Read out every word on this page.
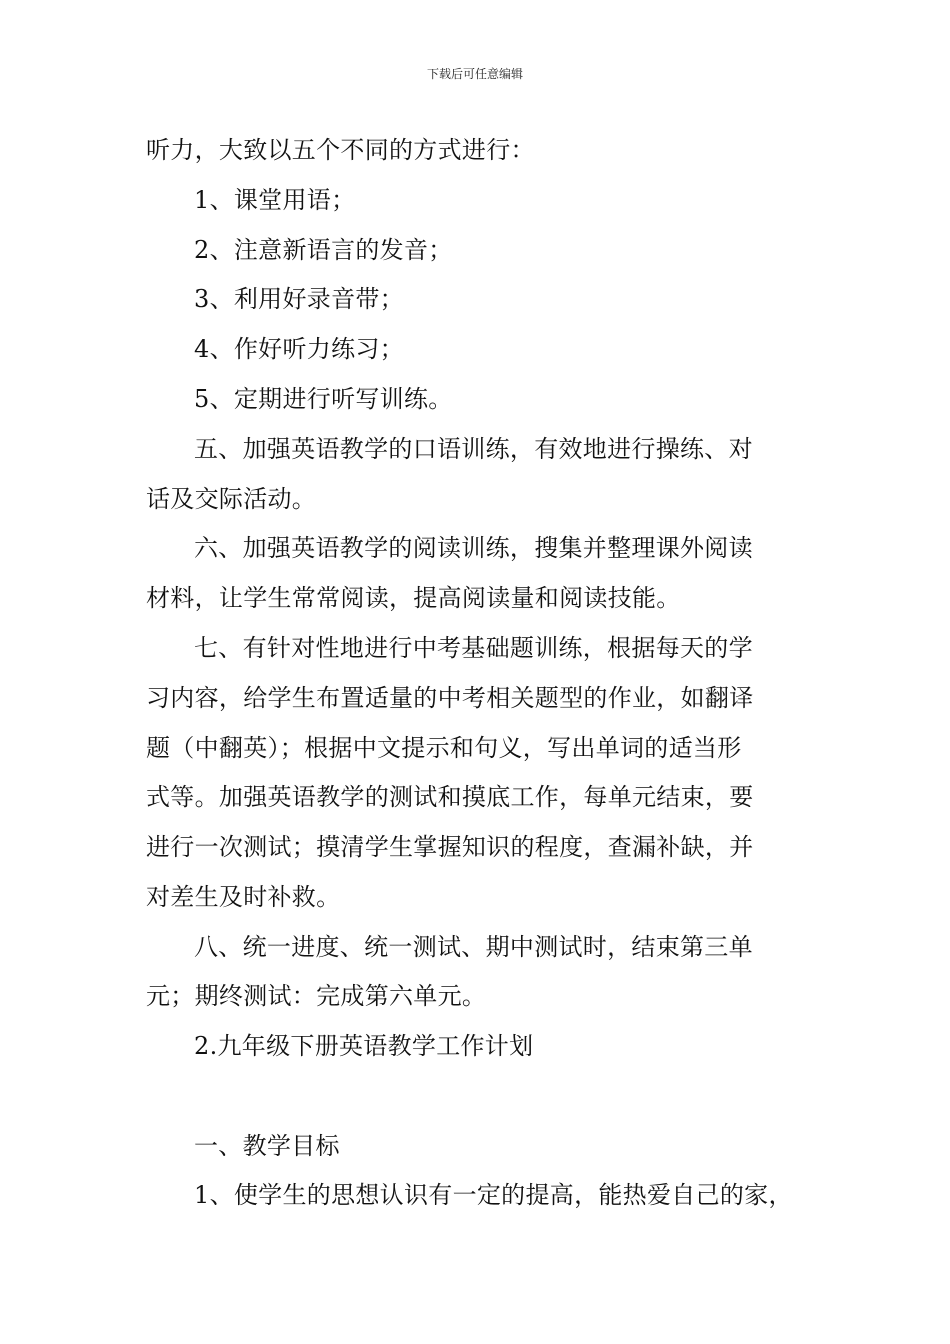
下载后可任意编辑
听力，大致以五个不同的方式进行：
1、课堂用语；
2、注意新语言的发音；
3、利用好录音带；
4、作好听力练习；
5、定期进行听写训练。
五、加强英语教学的口语训练，有效地进行操练、对
话及交际活动。
六、加强英语教学的阅读训练，搜集并整理课外阅读
材料，让学生常常阅读，提高阅读量和阅读技能。
七、有针对性地进行中考基础题训练，根据每天的学
习内容，给学生布置适量的中考相关题型的作业，如翻译
题（中翻英）；根据中文提示和句义，写出单词的适当形
式等。加强英语教学的测试和摸底工作，每单元结束，要
进行一次测试；摸清学生掌握知识的程度，查漏补缺，并
对差生及时补救。
八、统一进度、统一测试、期中测试时，结束第三单
元；期终测试：完成第六单元。
2.九年级下册英语教学工作计划
一、教学目标
1、使学生的思想认识有一定的提高，能热爱自己的家，
